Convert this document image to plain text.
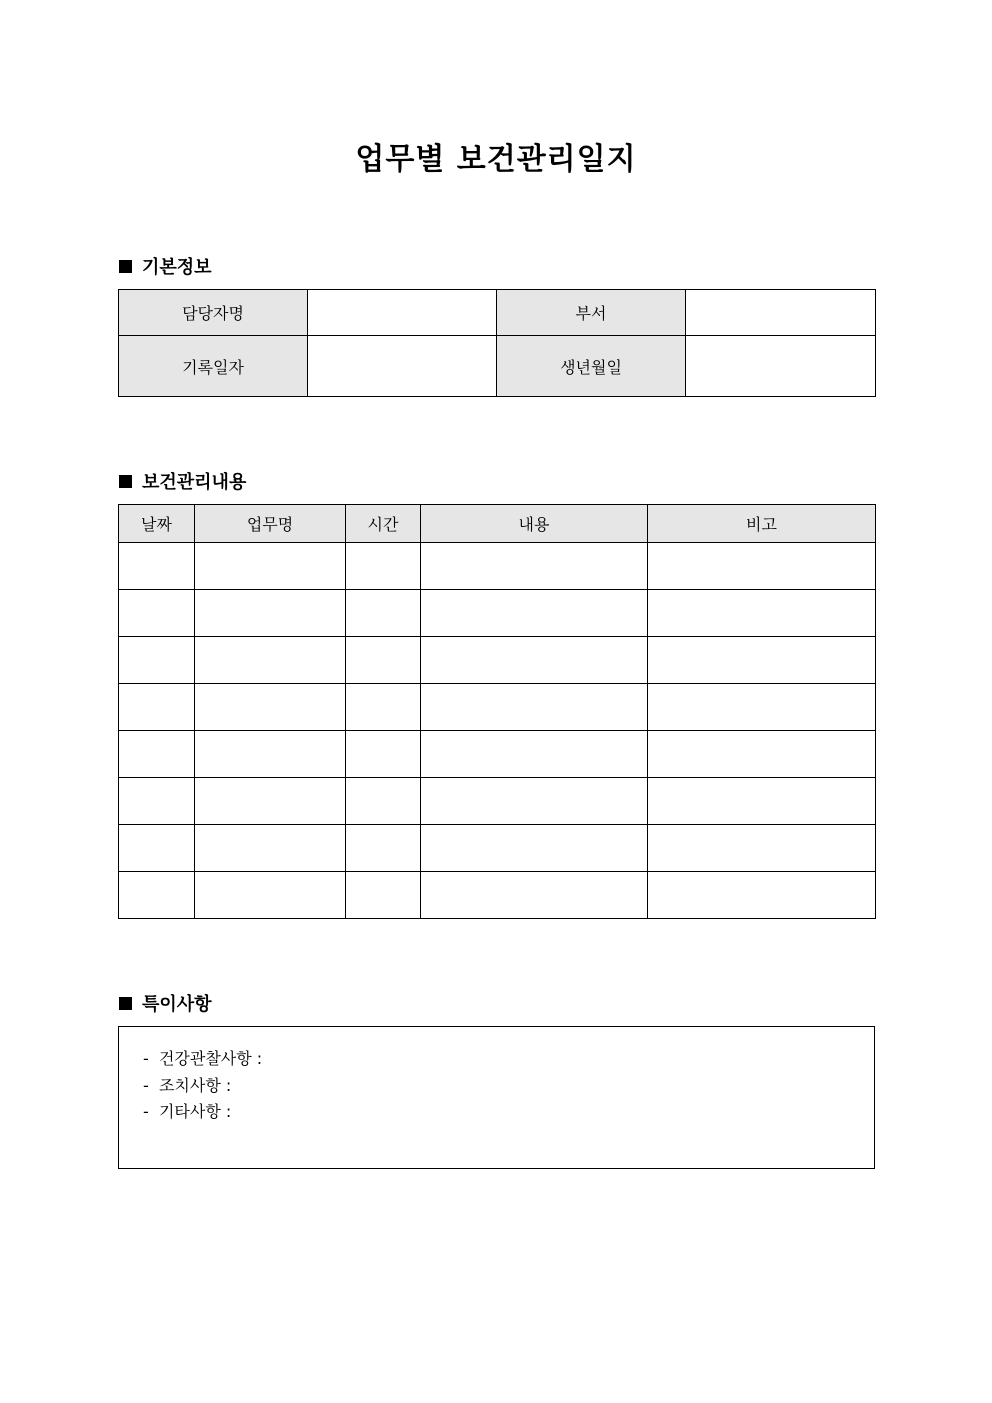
업무별 보건관리일지
기본정보
담당자명		부서	
기록일자		생년월일	
보건관리내용
날짜	업무명	시간	내용	비고

특이사항
-  건강관찰사항 :
-  조치사항 :
-  기타사항 :
